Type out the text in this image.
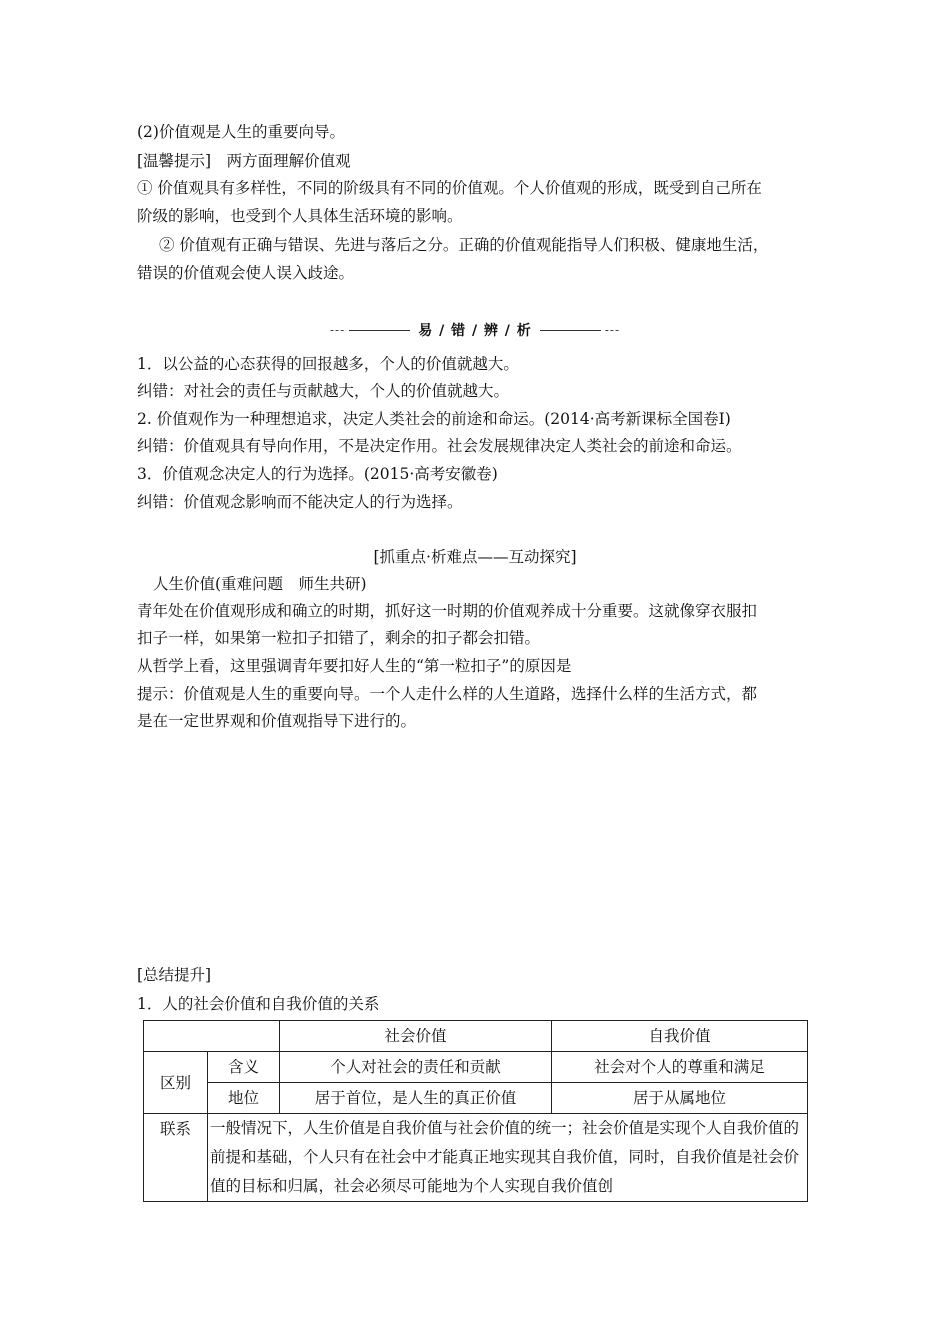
(2)价值观是人生的重要向导。
[温馨提示]　两方面理解价值观
① 价值观具有多样性，不同的阶级具有不同的价值观。个人价值观的形成，既受到自己所在
阶级的影响，也受到个人具体生活环境的影响。
② 价值观有正确与错误、先进与落后之分。正确的价值观能指导人们积极、健康地生活，
错误的价值观会使人误入歧途。
---	易 / 错 / 辨 / 析	---
1．以公益的心态获得的回报越多，个人的价值就越大。
纠错：对社会的责任与贡献越大，个人的价值就越大。
2. 价值观作为一种理想追求，决定人类社会的前途和命运。(2014·高考新课标全国卷Ⅰ)
纠错：价值观具有导向作用，不是决定作用。社会发展规律决定人类社会的前途和命运。
3．价值观念决定人的行为选择。(2015·高考安徽卷)
纠错：价值观念影响而不能决定人的行为选择。
[抓重点·析难点——互动探究]
人生价值(重难问题　师生共研)
青年处在价值观形成和确立的时期，抓好这一时期的价值观养成十分重要。这就像穿衣服扣
扣子一样，如果第一粒扣子扣错了，剩余的扣子都会扣错。
从哲学上看，这里强调青年要扣好人生的“第一粒扣子”的原因是
提示：价值观是人生的重要向导。一个人走什么样的人生道路，选择什么样的生活方式，都
是在一定世界观和价值观指导下进行的。
[总结提升]
1．人的社会价值和自我价值的关系
		社会价值	自我价值
区别	含义	个人对社会的责任和贡献	社会对个人的尊重和满足
	地位	居于首位，是人生的真正价值	居于从属地位
联系	一般情况下，人生价值是自我价值与社会价值的统一；社会价值是实现个人自我价值的前提和基础，个人只有在社会中才能真正地实现其自我价值，同时，自我价值是社会价值的目标和归属，社会必须尽可能地为个人实现自我价值创		
